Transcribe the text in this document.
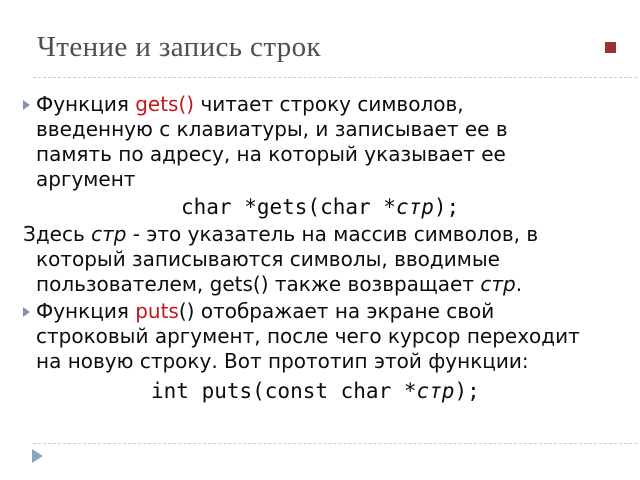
Чтение и запись строк
Функция gets() читает строку символов,
введенную с клавиатуры, и записывает ее в
память по адресу, на который указывает ее
аргумент
char *gets(char *стр);
Здесь стр - это указатель на массив символов, в
который записываются символы, вводимые
пользователем, gets() также возвращает стр.
Функция puts() отображает на экране свой
строковый аргумент, после чего курсор переходит
на новую строку. Вот прототип этой функции:
int puts(const char *стр);
